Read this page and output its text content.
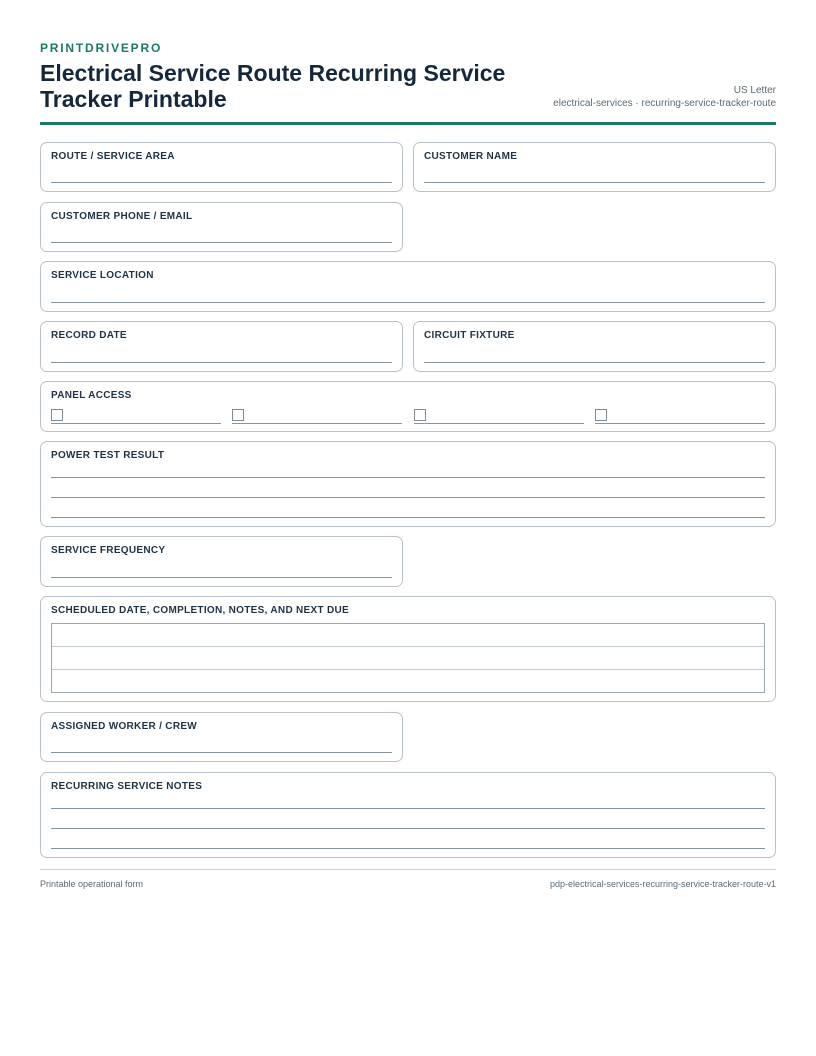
PRINTDRIVEPRO
Electrical Service Route Recurring Service Tracker Printable	US Letter
electrical-services · recurring-service-tracker-route
ROUTE / SERVICE AREA	CUSTOMER NAME
CUSTOMER PHONE / EMAIL
SERVICE LOCATION
RECORD DATE	CIRCUIT FIXTURE
PANEL ACCESS
POWER TEST RESULT
SERVICE FREQUENCY
SCHEDULED DATE, COMPLETION, NOTES, AND NEXT DUE
ASSIGNED WORKER / CREW
RECURRING SERVICE NOTES
Printable operational form	pdp-electrical-services-recurring-service-tracker-route-v1
